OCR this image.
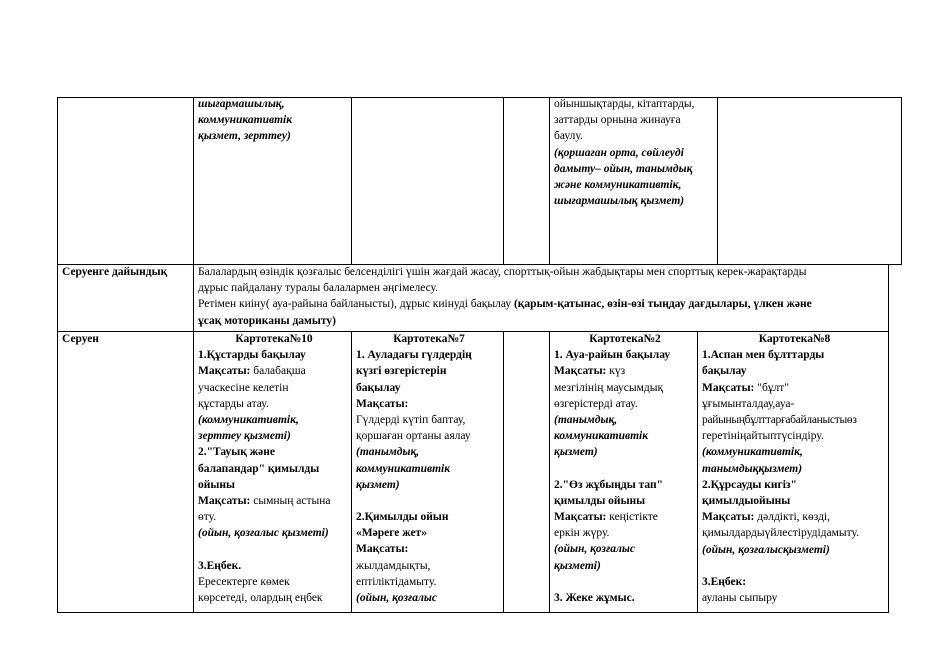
шығармашылық,
коммуникативтік
қызмет, зерттеу)
ойыншықтарды, кітаптарды,
заттарды орнына жинауға
баулу.
(қоршаған орта, сөйлеуді
дамыту– ойын, танымдық
және коммуникативтік,
шығармашылық қызмет)
Серуенге дайындық	Балалардың өзіндік қозғалыс белсенділігі үшін жағдай жасау, спорттық-ойын жабдықтары мен спорттық керек-жарақтарды
дұрыс пайдалану туралы балалармен әңгімелесу.
Ретімен киіну( ауа-райына байланысты), дұрыс киінуді бақылау (қарым-қатынас, өзін-өзі тыңдау дағдылары, үлкен және
ұсақ моториканы дамыту)
Серуен	Картотека№10
1.Құстарды бақылау
Мақсаты: балабақша
учаскесіне келетін
құстарды атау.
(коммуникативтік,
зерттеу қызметі)
2."Тауық және
балапандар" қимылды
ойыны
Мақсаты: сымның астына
өту.
(ойын, қозғалыс қызметі)
3.Еңбек.
Ересектерге көмек
көрсетеді, олардың еңбек
Картотека№7
1. Ауладағы гүлдердің
күзгі өзгерістерін
бақылау
Мақсаты:
Гүлдерді күтіп баптау,
қоршаған ортаны аялау
(танымдық,
коммуникативтік
қызмет)
2.Қимылды ойын
«Мәреге жет»
Мақсаты:
жылдамдықты,
ептіліктідамыту.
(ойын, қозғалыс
Картотека№2
1. Ауа-райын бақылау
Мақсаты: күз
мезгілінің маусымдық
өзгерістерді атау.
(танымдық,
коммуникативтік
қызмет)
2."Өз жұбыңды тап"
қимылды ойыны
Мақсаты: кеңістікте
еркін жүру.
(ойын, қозғалыс
қызметі)
3. Жеке жұмыс.
Картотека№8
1.Аспан мен бұлттарды
бақылау
Мақсаты: "бұлт"
ұғымынталдау,ауа-
райыныңбұлттарғабайланыстыөз
геретініңайтыптүсіндіру.
(коммуникативтік,
танымдыққызмет)
2.Құрсауды кигіз"
қимылдыойыны
Мақсаты: дәлдікті, көзді,
қимылдардыүйлестірудідамыту.
(ойын, қозғалысқызметі)
3.Еңбек:
ауланы сыпыру
